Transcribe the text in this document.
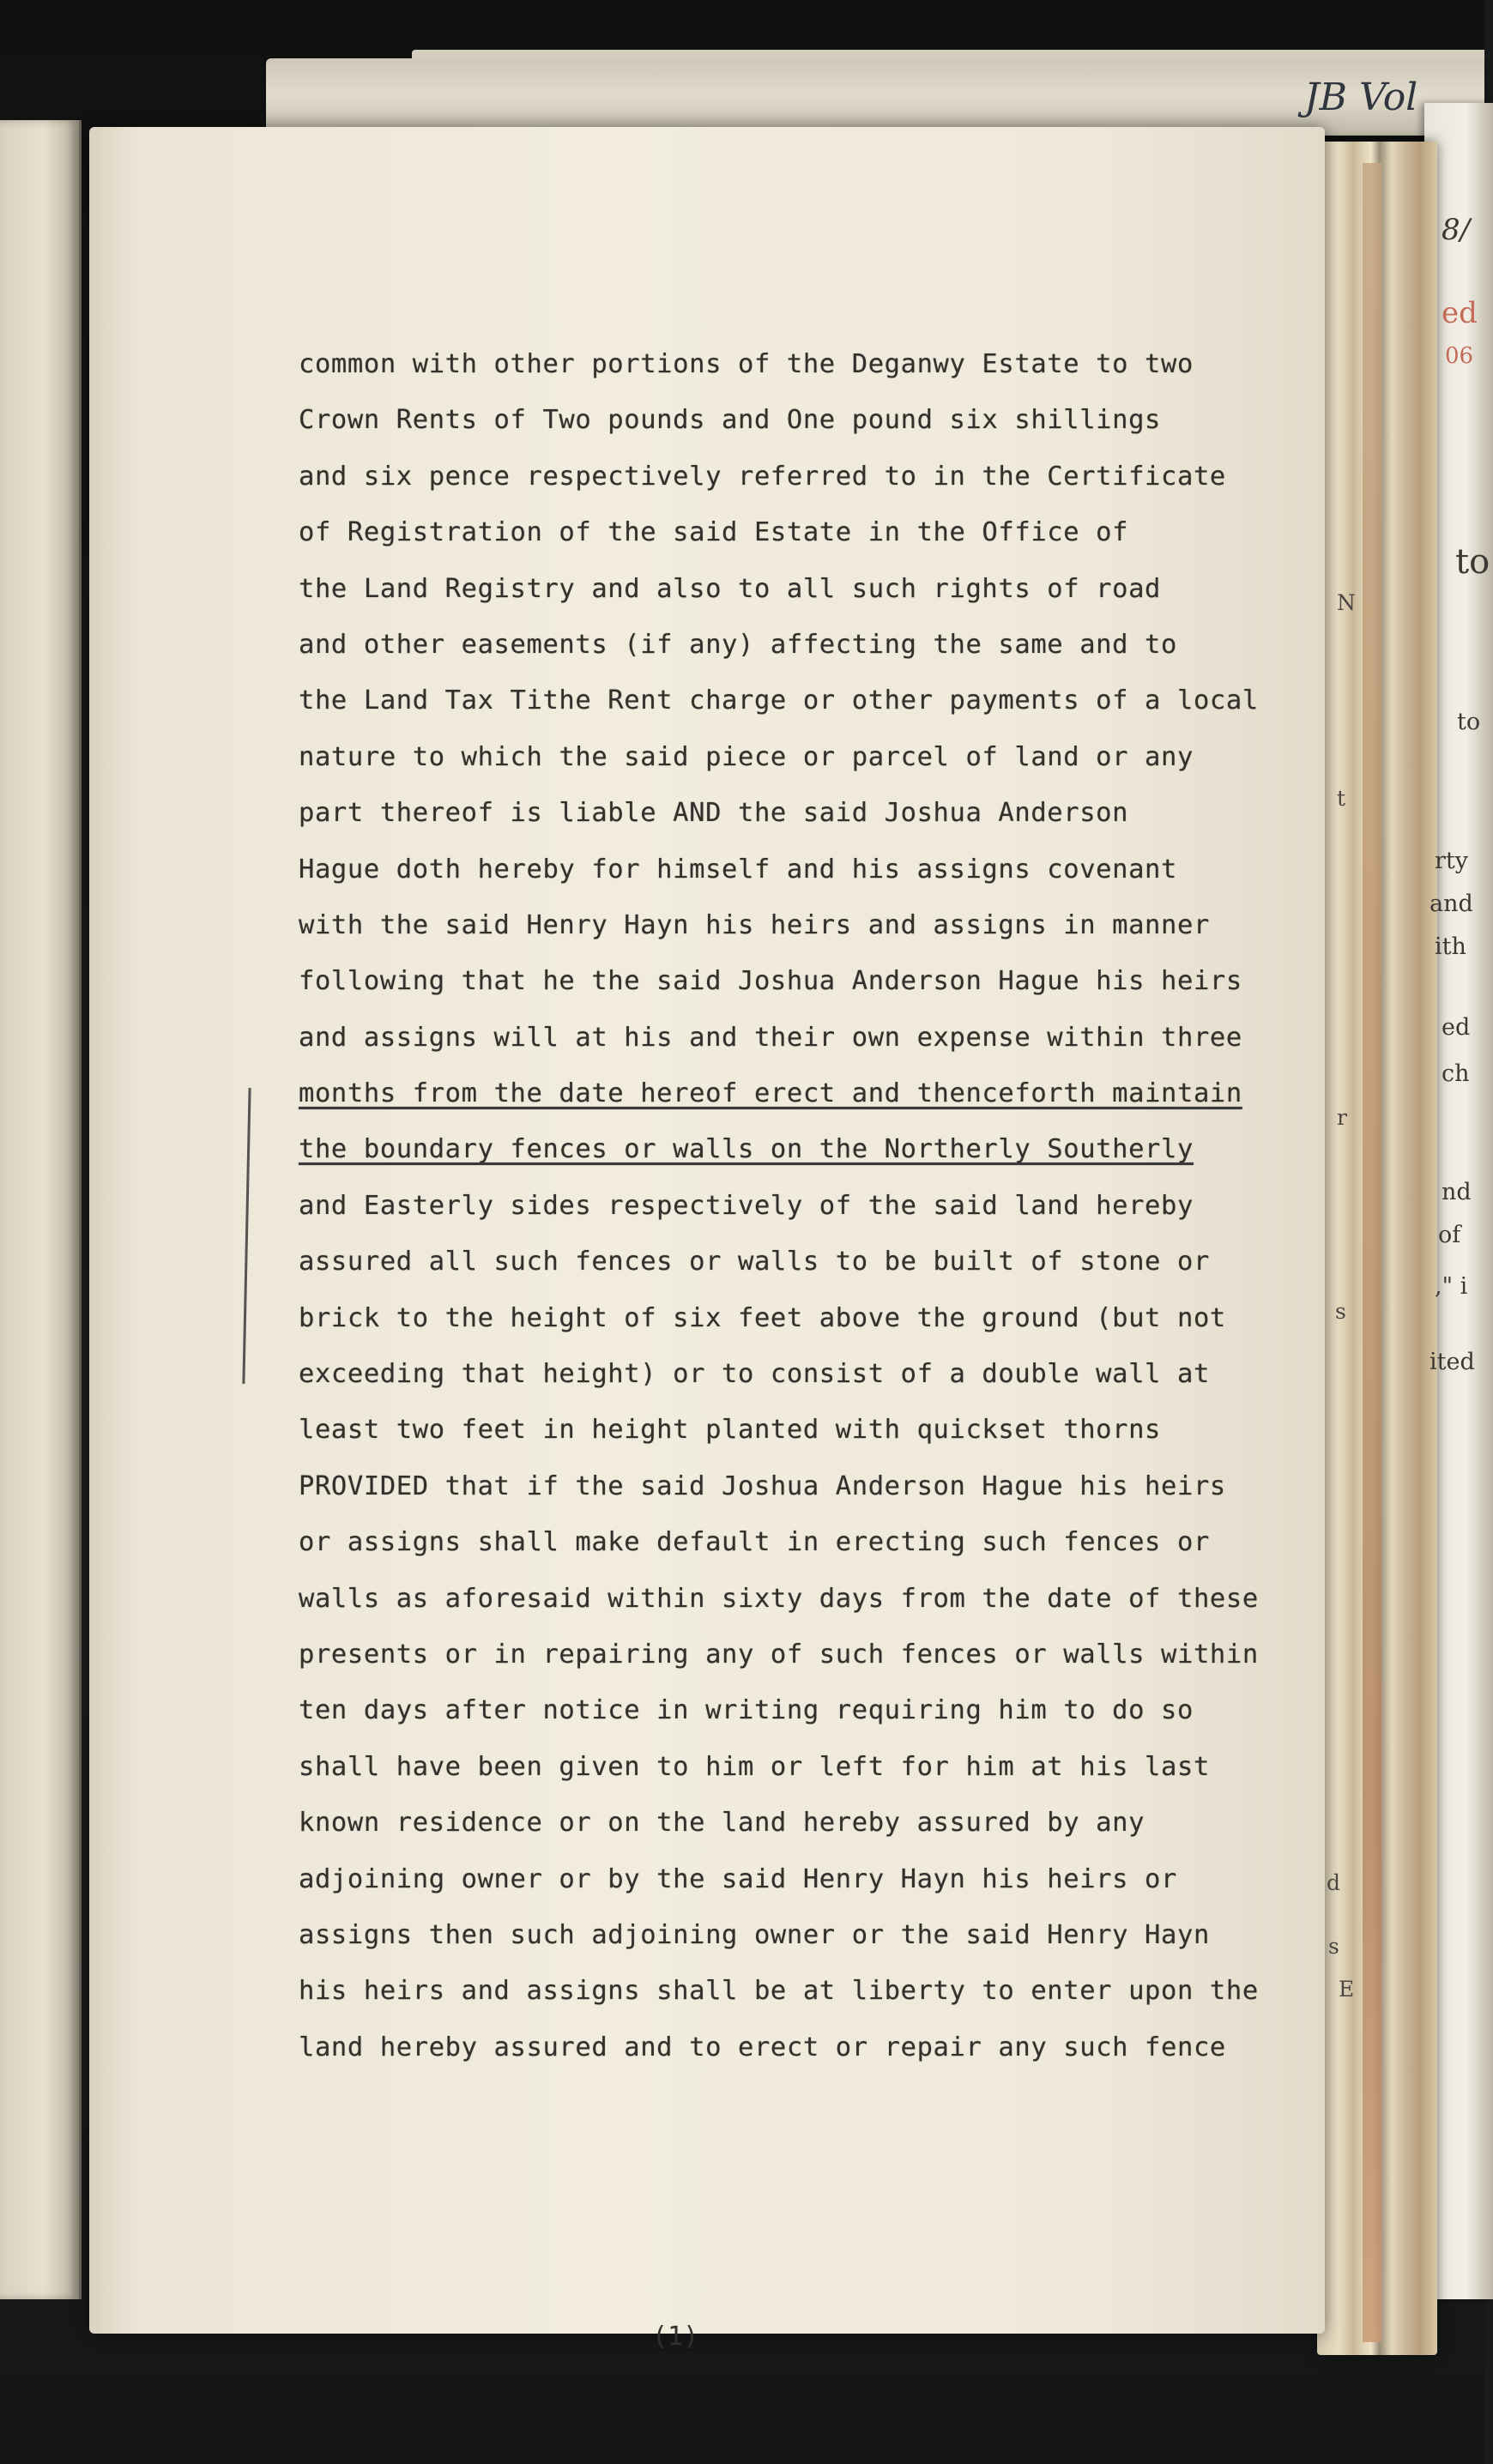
JB Vol

common with other portions of the Deganwy Estate to two
Crown Rents of Two pounds and One pound six shillings
and six pence respectively referred to in the Certificate
of Registration of the said Estate in the Office of
the Land Registry and also to all such rights of road
and other easements (if any) affecting the same and to
the Land Tax Tithe Rent charge or other payments of a local
nature to which the said piece or parcel of land or any
part thereof is liable AND the said Joshua Anderson
Hague doth hereby for himself and his assigns covenant
with the said Henry Hayn his heirs and assigns in manner
following that he the said Joshua Anderson Hague his heirs
and assigns will at his and their own expense within three
months from the date hereof erect and thenceforth maintain
the boundary fences or walls on the Northerly Southerly
and Easterly sides respectively of the said land hereby
assured all such fences or walls to be built of stone or
brick to the height of six feet above the ground (but not
exceeding that height) or to consist of a double wall at
least two feet in height planted with quickset thorns
PROVIDED that if the said Joshua Anderson Hague his heirs
or assigns shall make default in erecting such fences or
walls as aforesaid within sixty days from the date of these
presents or in repairing any of such fences or walls within
ten days after notice in writing requiring him to do so
shall have been given to him or left for him at his last
known residence or on the land hereby assured by any
adjoining owner or by the said Henry Hayn his heirs or
assigns then such adjoining owner or the said Henry Hayn
his heirs and assigns shall be at liberty to enter upon the
land hereby assured and to erect or repair any such fence

(1)

to
to
rty
and
ith
ed
ch
nd
of
," i
ited
N
t
r
s
d
s
E
ed
06
8/
